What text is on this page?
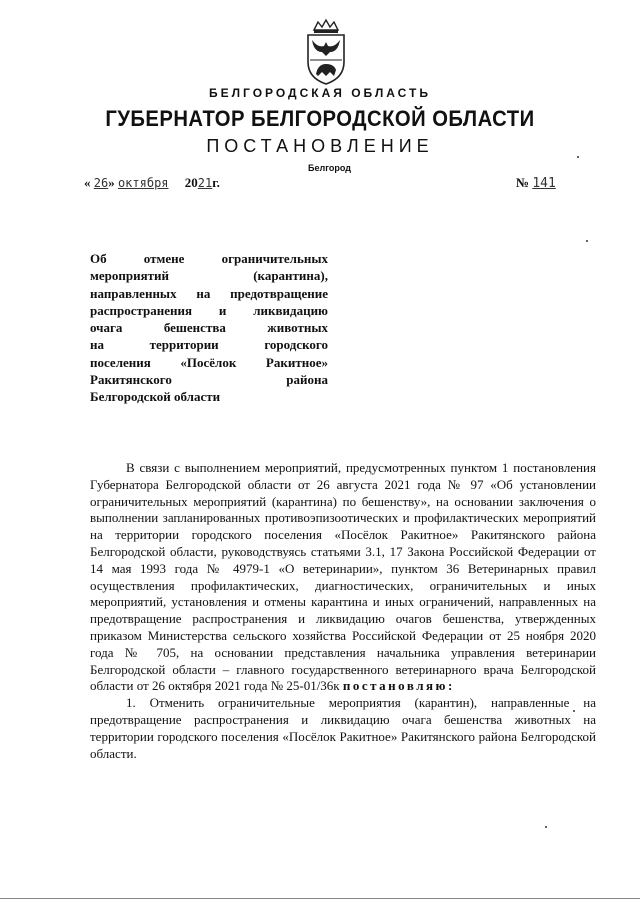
БЕЛГОРОДСКАЯ ОБЛАСТЬ
ГУБЕРНАТОР БЕЛГОРОДСКОЙ ОБЛАСТИ
ПОСТАНОВЛЕНИЕ
Белгород
« 26» октября 2021г.	№ 141
Об отмене ограничительных
мероприятий (карантина),
направленных на предотвращение
распространения и ликвидацию
очага бешенства животных
на территории городского
поселения «Посёлок Ракитное»
Ракитянского района
Белгородской области

В связи с выполнением мероприятий, предусмотренных пунктом 1 постановления Губернатора Белгородской области от 26 августа 2021 года № 97 «Об установлении ограничительных мероприятий (карантина) по бешенству», на основании заключения о выполнении запланированных противоэпизоотических и профилактических мероприятий на территории городского поселения «Посёлок Ракитное» Ракитянского района Белгородской области, руководствуясь статьями 3.1, 17 Закона Российской Федерации от 14 мая 1993 года № 4979-1 «О ветеринарии», пунктом 36 Ветеринарных правил осуществления профилактических, диагностических, ограничительных и иных мероприятий, установления и отмены карантина и иных ограничений, направленных на предотвращение распространения и ликвидацию очагов бешенства, утвержденных приказом Министерства сельского хозяйства Российской Федерации от 25 ноября 2020 года № 705, на основании представления начальника управления ветеринарии Белгородской области – главного государственного ветеринарного врача Белгородской области от 26 октября 2021 года № 25-01/36к постановляю:

1. Отменить ограничительные мероприятия (карантин), направленные на предотвращение распространения и ликвидацию очага бешенства животных на территории городского поселения «Посёлок Ракитное» Ракитянского района Белгородской области.
